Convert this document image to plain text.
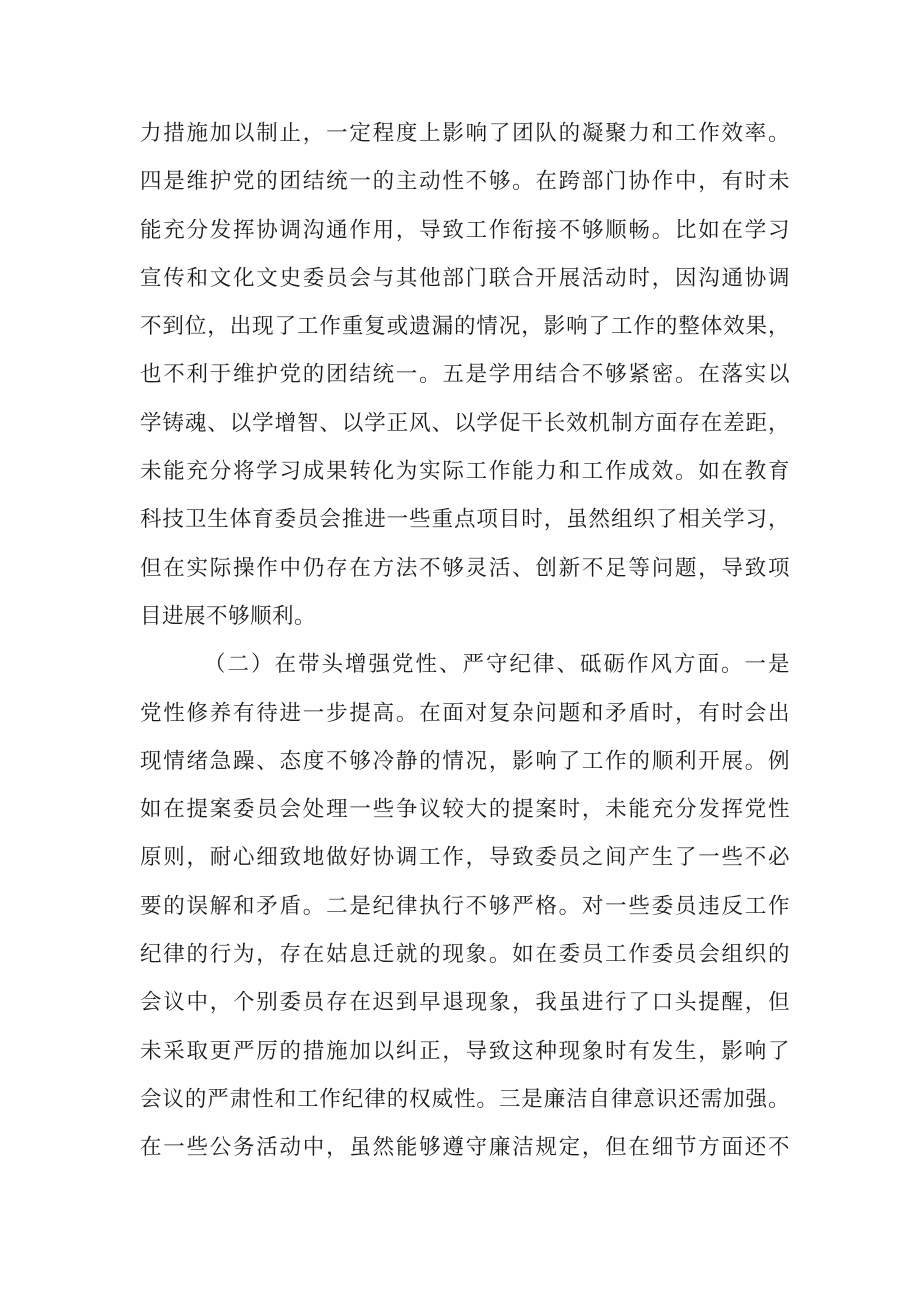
力措施加以制止，一定程度上影响了团队的凝聚力和工作效率。
四是维护党的团结统一的主动性不够。在跨部门协作中，有时未
能充分发挥协调沟通作用，导致工作衔接不够顺畅。比如在学习
宣传和文化文史委员会与其他部门联合开展活动时，因沟通协调
不到位，出现了工作重复或遗漏的情况，影响了工作的整体效果，
也不利于维护党的团结统一。五是学用结合不够紧密。在落实以
学铸魂、以学增智、以学正风、以学促干长效机制方面存在差距，
未能充分将学习成果转化为实际工作能力和工作成效。如在教育
科技卫生体育委员会推进一些重点项目时，虽然组织了相关学习，
但在实际操作中仍存在方法不够灵活、创新不足等问题，导致项
目进展不够顺利。
（二）在带头增强党性、严守纪律、砥砺作风方面。一是
党性修养有待进一步提高。在面对复杂问题和矛盾时，有时会出
现情绪急躁、态度不够冷静的情况，影响了工作的顺利开展。例
如在提案委员会处理一些争议较大的提案时，未能充分发挥党性
原则，耐心细致地做好协调工作，导致委员之间产生了一些不必
要的误解和矛盾。二是纪律执行不够严格。对一些委员违反工作
纪律的行为，存在姑息迁就的现象。如在委员工作委员会组织的
会议中，个别委员存在迟到早退现象，我虽进行了口头提醒，但
未采取更严厉的措施加以纠正，导致这种现象时有发生，影响了
会议的严肃性和工作纪律的权威性。三是廉洁自律意识还需加强。
在一些公务活动中，虽然能够遵守廉洁规定，但在细节方面还不
